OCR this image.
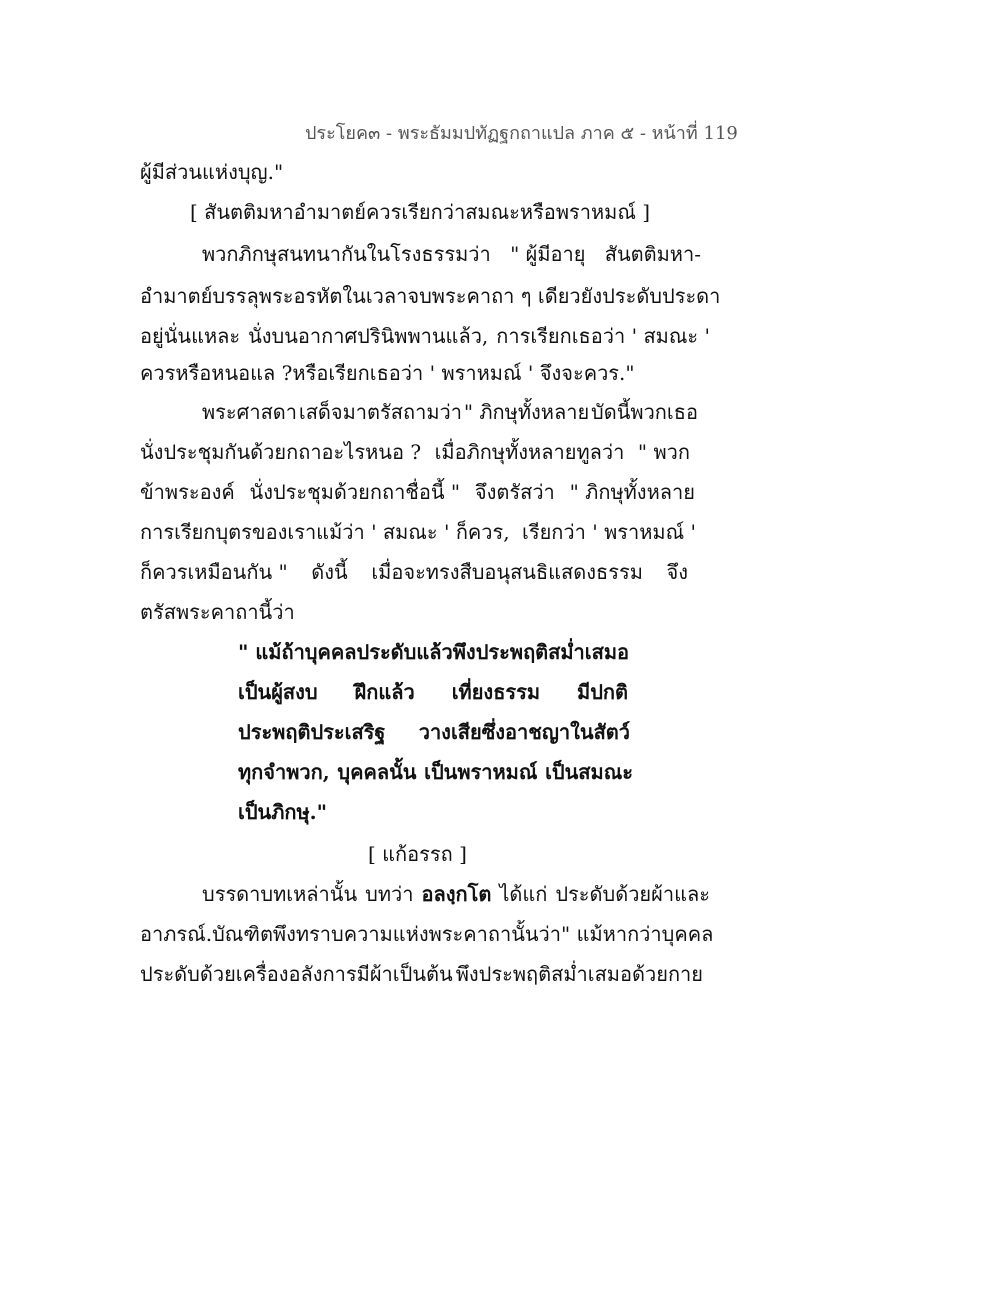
ประโยค๓ - พระธัมมปทัฏฐกถาแปล ภาค ๕ - หน้าที่ 119

ผู้มีส่วนแห่งบุญ."

[ สันตติมหาอำมาตย์ควรเรียกว่าสมณะหรือพราหมณ์ ]

พวกภิกษุสนทนากันในโรงธรรมว่า " ผู้มีอายุ สันตติมหา-

อำมาตย์บรรลุพระอรหัตในเวลาจบพระคาถา ๆ เดียว ยังประดับประดา

อยู่นั่นแหละ นั่งบนอากาศปรินิพพานแล้ว, การเรียกเธอว่า ' สมณะ '

ควรหรือหนอแล ? หรือเรียกเธอว่า ' พราหมณ์ ' จึงจะควร."

พระศาสดา เสด็จมาตรัสถามว่า " ภิกษุทั้งหลาย บัดนี้พวกเธอ

นั่งประชุมกันด้วยกถาอะไรหนอ ? เมื่อภิกษุทั้งหลายทูลว่า " พวก

ข้าพระองค์ นั่งประชุมด้วยกถาชื่อนี้ " จึงตรัสว่า " ภิกษุทั้งหลาย

การเรียกบุตรของเราแม้ว่า ' สมณะ ' ก็ควร, เรียกว่า ' พราหมณ์ '

ก็ควรเหมือนกัน " ดังนี้ เมื่อจะทรงสืบอนุสนธิแสดงธรรม จึง

ตรัสพระคาถานี้ว่า

" แม้ถ้าบุคคลประดับแล้ว พึงประพฤติสม่ำเสมอ

เป็นผู้สงบ ฝึกแล้ว เที่ยงธรรม มีปกติ

ประพฤติประเสริฐ วางเสียซึ่งอาชญาในสัตว์

ทุกจำพวก, บุคคลนั้น เป็นพราหมณ์ เป็นสมณะ

เป็นภิกษุ."

[ แก้อรรถ ]

บรรดาบทเหล่านั้น บทว่า อลงฺกโต ได้แก่ ประดับด้วยผ้าและ

อาภรณ์. บัณฑิตพึงทราบความแห่งพระคาถานั้นว่า " แม้หากว่าบุคคล

ประดับด้วยเครื่องอลังการมีผ้าเป็นต้น พึงประพฤติสม่ำเสมอด้วยกาย
